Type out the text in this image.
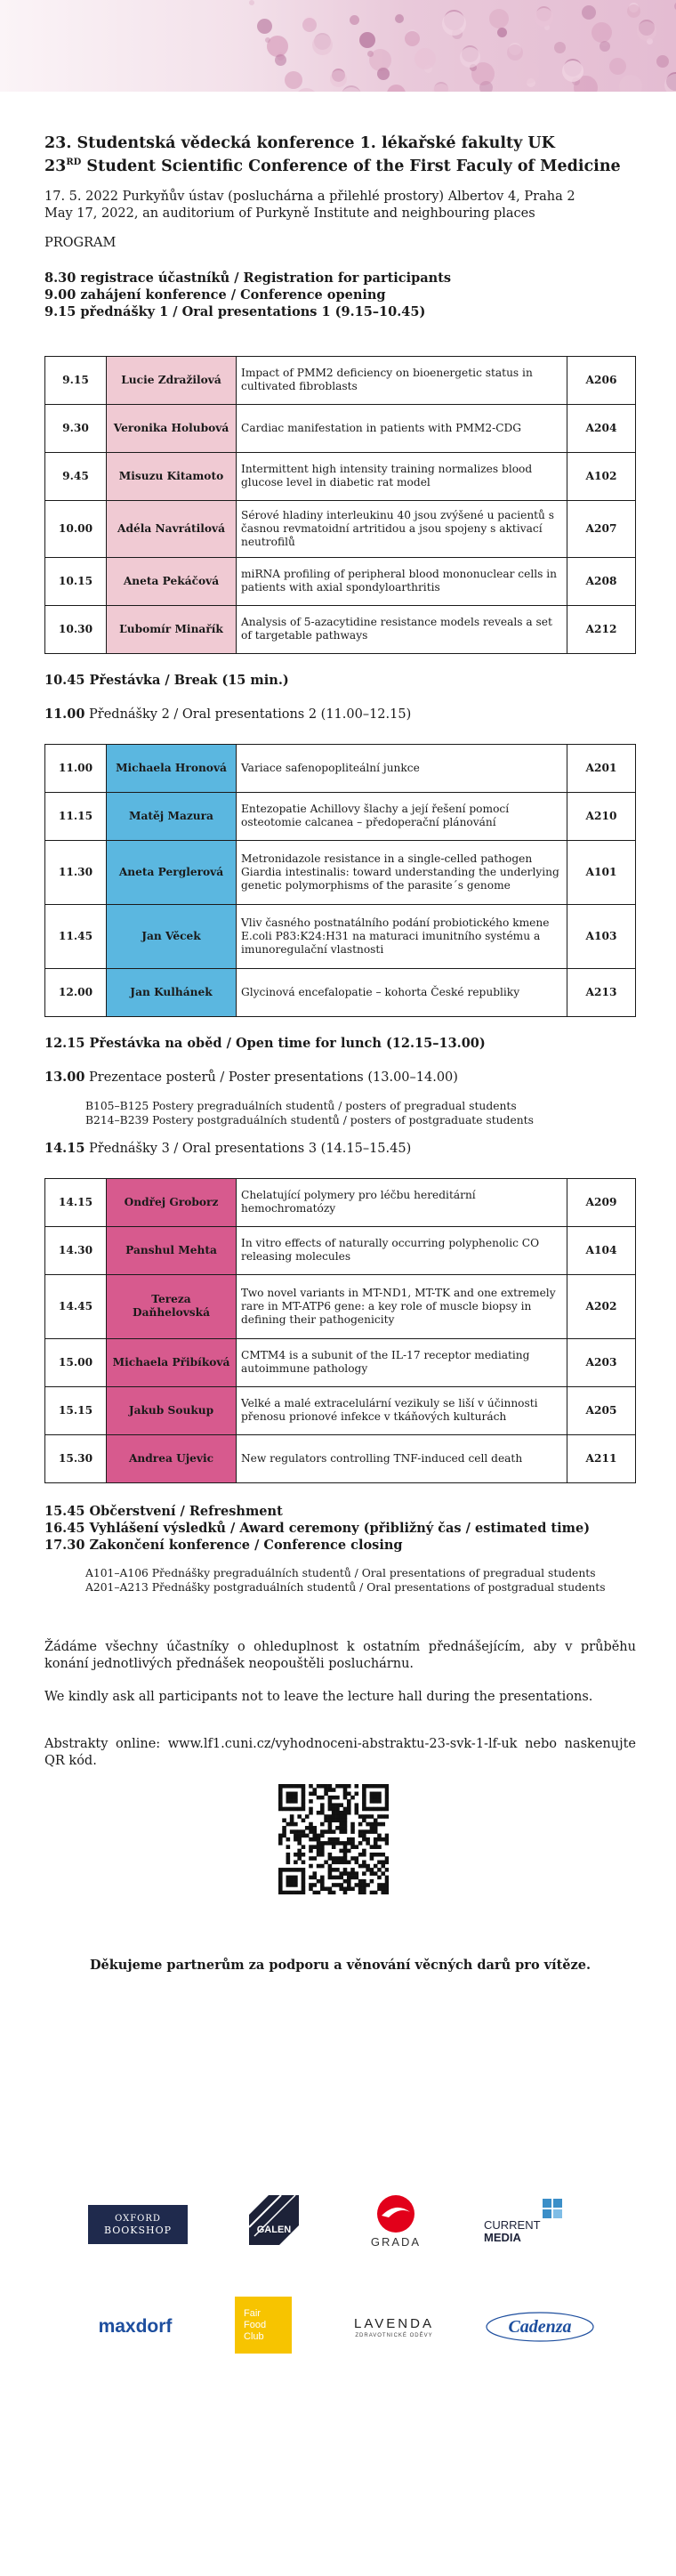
23. Studentská vědecká konference 1. lékařské fakulty UK

23RD Student Scientific Conference of the First Faculy of Medicine

17. 5. 2022 Purkyňův ústav (posluchárna a přilehlé prostory) Albertov 4, Praha 2

May 17, 2022, an auditorium of Purkyně Institute and neighbouring places

PROGRAM

8.30 registrace účastníků / Registration for participants

9.00 zahájení konference / Conference opening

9.15 přednášky 1 / Oral presentations 1 (9.15–10.45)

9.15	Lucie Zdražilová	Impact of PMM2 deficiency on bioenergetic status in cultivated fibroblasts	A206
9.30	Veronika Holubová	Cardiac manifestation in patients with PMM2-CDG	A204
9.45	Misuzu Kitamoto	Intermittent high intensity training normalizes blood glucose level in diabetic rat model	A102
10.00	Adéla Navrátilová	Sérové hladiny interleukinu 40 jsou zvýšené u pacientů s časnou revmatoidní artritidou a jsou spojeny s aktivací neutrofilů	A207
10.15	Aneta Pekáčová	miRNA profiling of peripheral blood mononuclear cells in patients with axial spondyloarthritis	A208
10.30	Ľubomír Minařík	Analysis of 5-azacytidine resistance models reveals a set of targetable pathways	A212

10.45 Přestávka / Break (15 min.)

11.00 Přednášky 2 / Oral presentations 2 (11.00–12.15)

11.00	Michaela Hronová	Variace safenopopliteální junkce	A201
11.15	Matěj Mazura	Entezopatie Achillovy šlachy a její řešení pomocí osteotomie calcanea – předoperační plánování	A210
11.30	Aneta Perglerová	Metronidazole resistance in a single-celled pathogen Giardia intestinalis: toward understanding the underlying genetic polymorphisms of the parasite´s genome	A101
11.45	Jan Věcek	Vliv časného postnatálního podání probiotického kmene E.coli P83:K24:H31 na maturaci imunitního systému a imunoregulační vlastnosti	A103
12.00	Jan Kulhánek	Glycinová encefalopatie – kohorta České republiky	A213

12.15 Přestávka na oběd / Open time for lunch (12.15–13.00)

13.00 Prezentace posterů / Poster presentations (13.00–14.00)

B105–B125 Postery pregraduálních studentů / posters of pregradual students

B214–B239 Postery postgraduálních studentů / posters of postgraduate students

14.15 Přednášky 3 / Oral presentations 3 (14.15–15.45)

14.15	Ondřej Groborz	Chelatující polymery pro léčbu hereditární hemochromatózy	A209
14.30	Panshul Mehta	In vitro effects of naturally occurring polyphenolic CO releasing molecules	A104
14.45	Tereza Daňhelovská	Two novel variants in MT-ND1, MT-TK and one extremely rare in MT-ATP6 gene: a key role of muscle biopsy in defining their pathogenicity	A202
15.00	Michaela Přibíková	CMTM4 is a subunit of the IL-17 receptor mediating autoimmune pathology	A203
15.15	Jakub Soukup	Velké a malé extracelulární vezikuly se liší v účinnosti přenosu prionové infekce v tkáňových kulturách	A205
15.30	Andrea Ujevic	New regulators controlling TNF-induced cell death	A211

15.45 Občerstvení / Refreshment

16.45 Vyhlášení výsledků / Award ceremony (přibližný čas / estimated time)

17.30 Zakončení konference / Conference closing

A101–A106 Přednášky pregraduálních studentů / Oral presentations of pregradual students

A201–A213 Přednášky postgraduálních studentů / Oral presentations of postgradual students

Žádáme všechny účastníky o ohleduplnost k ostatním přednášejícím, aby v průběhu konání jednotlivých přednášek neopouštěli posluchárnu.

We kindly ask all participants not to leave the lecture hall during the presentations.

Abstrakty online: www.lf1.cuni.cz/vyhodnoceni-abstraktu-23-svk-1-lf-uk nebo naskenujte QR kód.

Děkujeme partnerům za podporu a věnování věcných darů pro vítěze.

OXFORD
BOOKSHOP	GALEN
GRADA
CURRENT
MEDIA
maxdorf
Fair
Food
Club
LAVENDA
ZDRAVOTNICKÉ ODĚVY	Cadenza
